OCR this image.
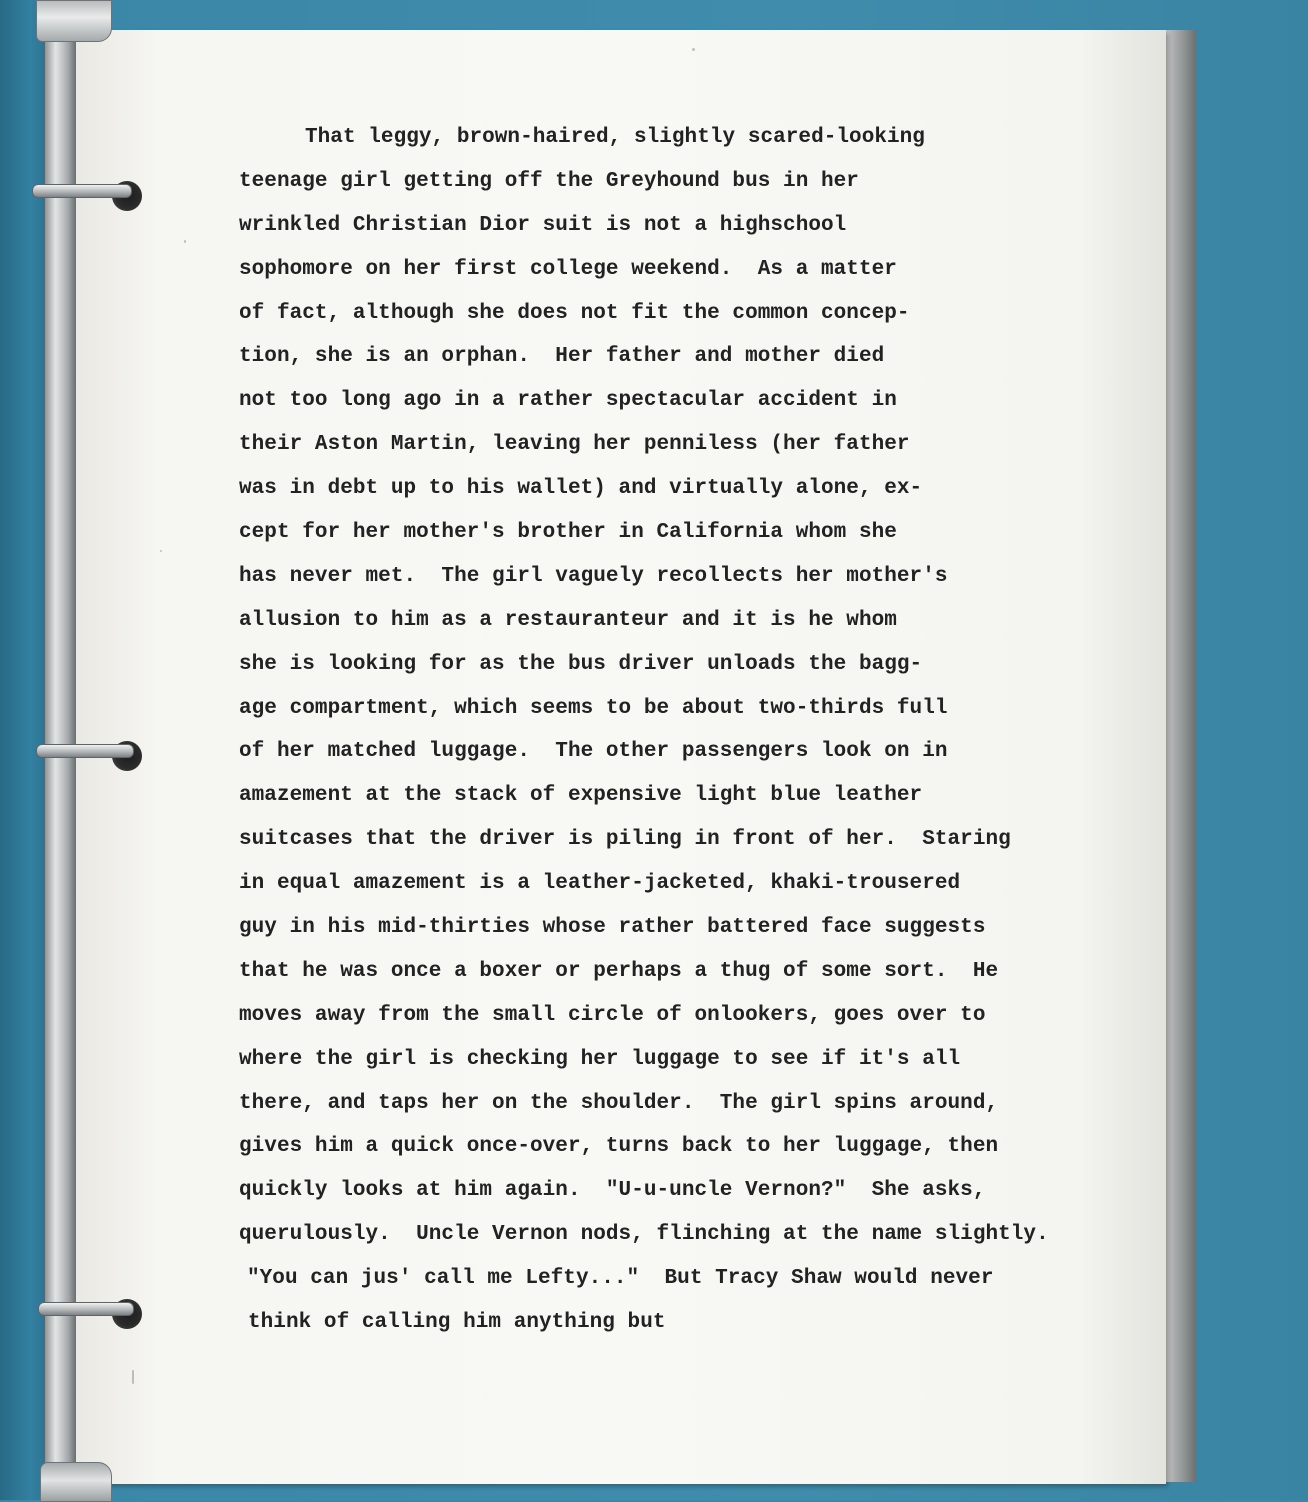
That leggy, brown-haired, slightly scared-looking
teenage girl getting off the Greyhound bus in her
wrinkled Christian Dior suit is not a highschool
sophomore on her first college weekend.  As a matter
of fact, although she does not fit the common concep-
tion, she is an orphan.  Her father and mother died
not too long ago in a rather spectacular accident in
their Aston Martin, leaving her penniless (her father
was in debt up to his wallet) and virtually alone, ex-
cept for her mother's brother in California whom she
has never met.  The girl vaguely recollects her mother's
allusion to him as a restauranteur and it is he whom
she is looking for as the bus driver unloads the bagg-
age compartment, which seems to be about two-thirds full
of her matched luggage.  The other passengers look on in
amazement at the stack of expensive light blue leather
suitcases that the driver is piling in front of her.  Staring
in equal amazement is a leather-jacketed, khaki-trousered
guy in his mid-thirties whose rather battered face suggests
that he was once a boxer or perhaps a thug of some sort.  He
moves away from the small circle of onlookers, goes over to
where the girl is checking her luggage to see if it's all
there, and taps her on the shoulder.  The girl spins around,
gives him a quick once-over, turns back to her luggage, then
quickly looks at him again.  "U-u-uncle Vernon?"  She asks,
querulously.  Uncle Vernon nods, flinching at the name slightly.
"You can jus' call me Lefty..."  But Tracy Shaw would never
think of calling him anything but
